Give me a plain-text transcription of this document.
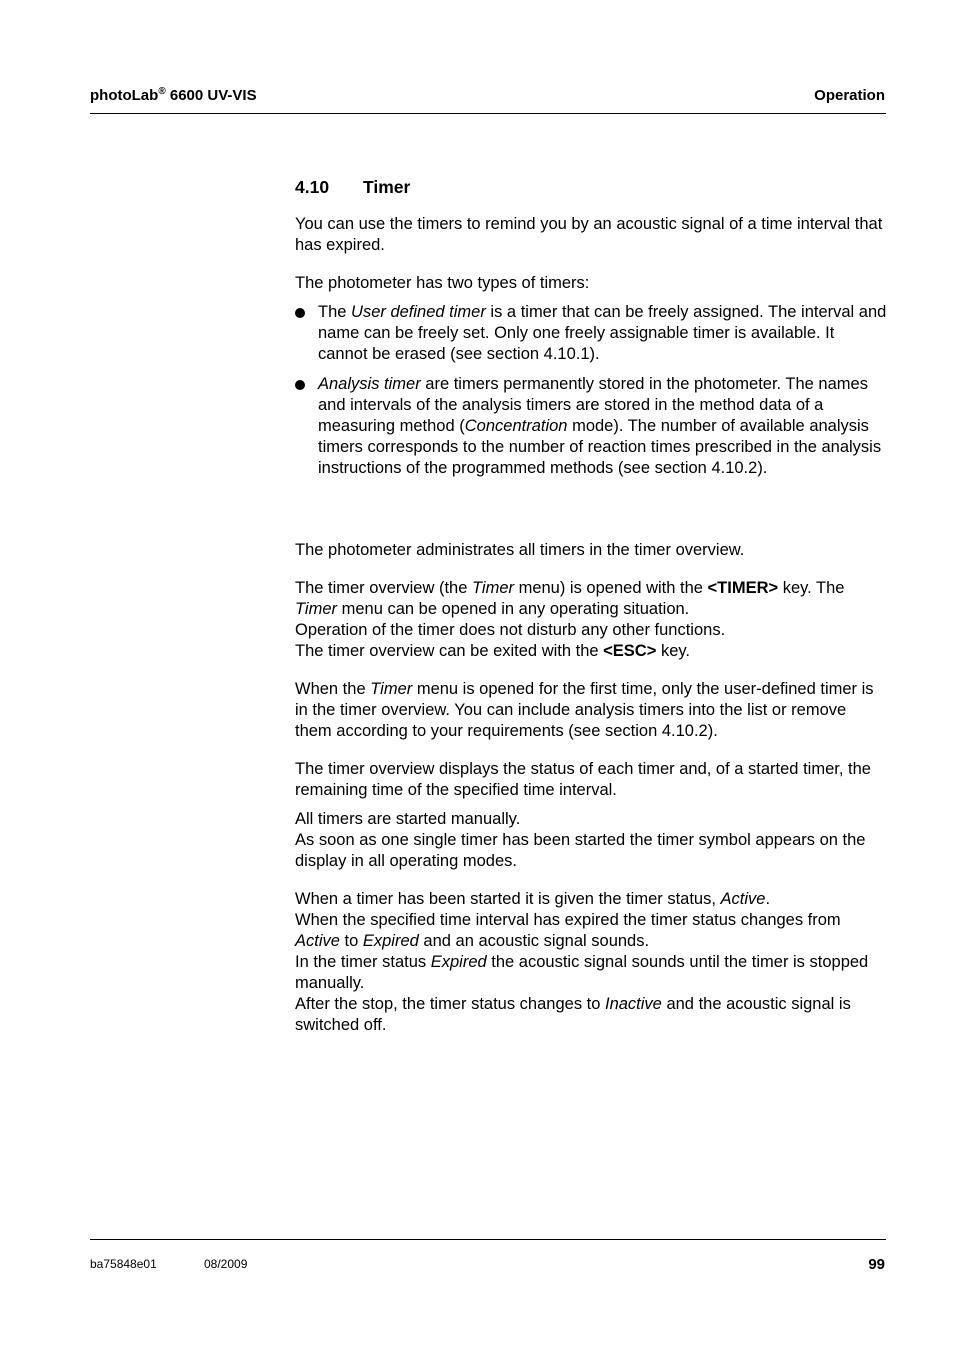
photoLab® 6600 UV-VIS	Operation
4.10 Timer

You can use the timers to remind you by an acoustic signal of a time interval that has expired.

The photometer has two types of timers:

The User defined timer is a timer that can be freely assigned. The interval and name can be freely set. Only one freely assignable timer is available. It cannot be erased (see section 4.10.1).
Analysis timer are timers permanently stored in the photometer. The names and intervals of the analysis timers are stored in the method data of a measuring method (Concentration mode). The number of available analysis timers corresponds to the number of reaction times prescribed in the analysis instructions of the programmed methods (see section 4.10.2).

The photometer administrates all timers in the timer overview.

The timer overview (the Timer menu) is opened with the <TIMER> key. The Timer menu can be opened in any operating situation.
Operation of the timer does not disturb any other functions.
The timer overview can be exited with the <ESC> key.

When the Timer menu is opened for the first time, only the user-defined timer is in the timer overview. You can include analysis timers into the list or remove them according to your requirements (see section 4.10.2).

The timer overview displays the status of each timer and, of a started timer, the remaining time of the specified time interval.

All timers are started manually.
As soon as one single timer has been started the timer symbol appears on the display in all operating modes.

When a timer has been started it is given the timer status, Active.
When the specified time interval has expired the timer status changes from Active to Expired and an acoustic signal sounds.
In the timer status Expired the acoustic signal sounds until the timer is stopped manually.
After the stop, the timer status changes to Inactive and the acoustic signal is switched off.

ba75848e01	08/2009	99
